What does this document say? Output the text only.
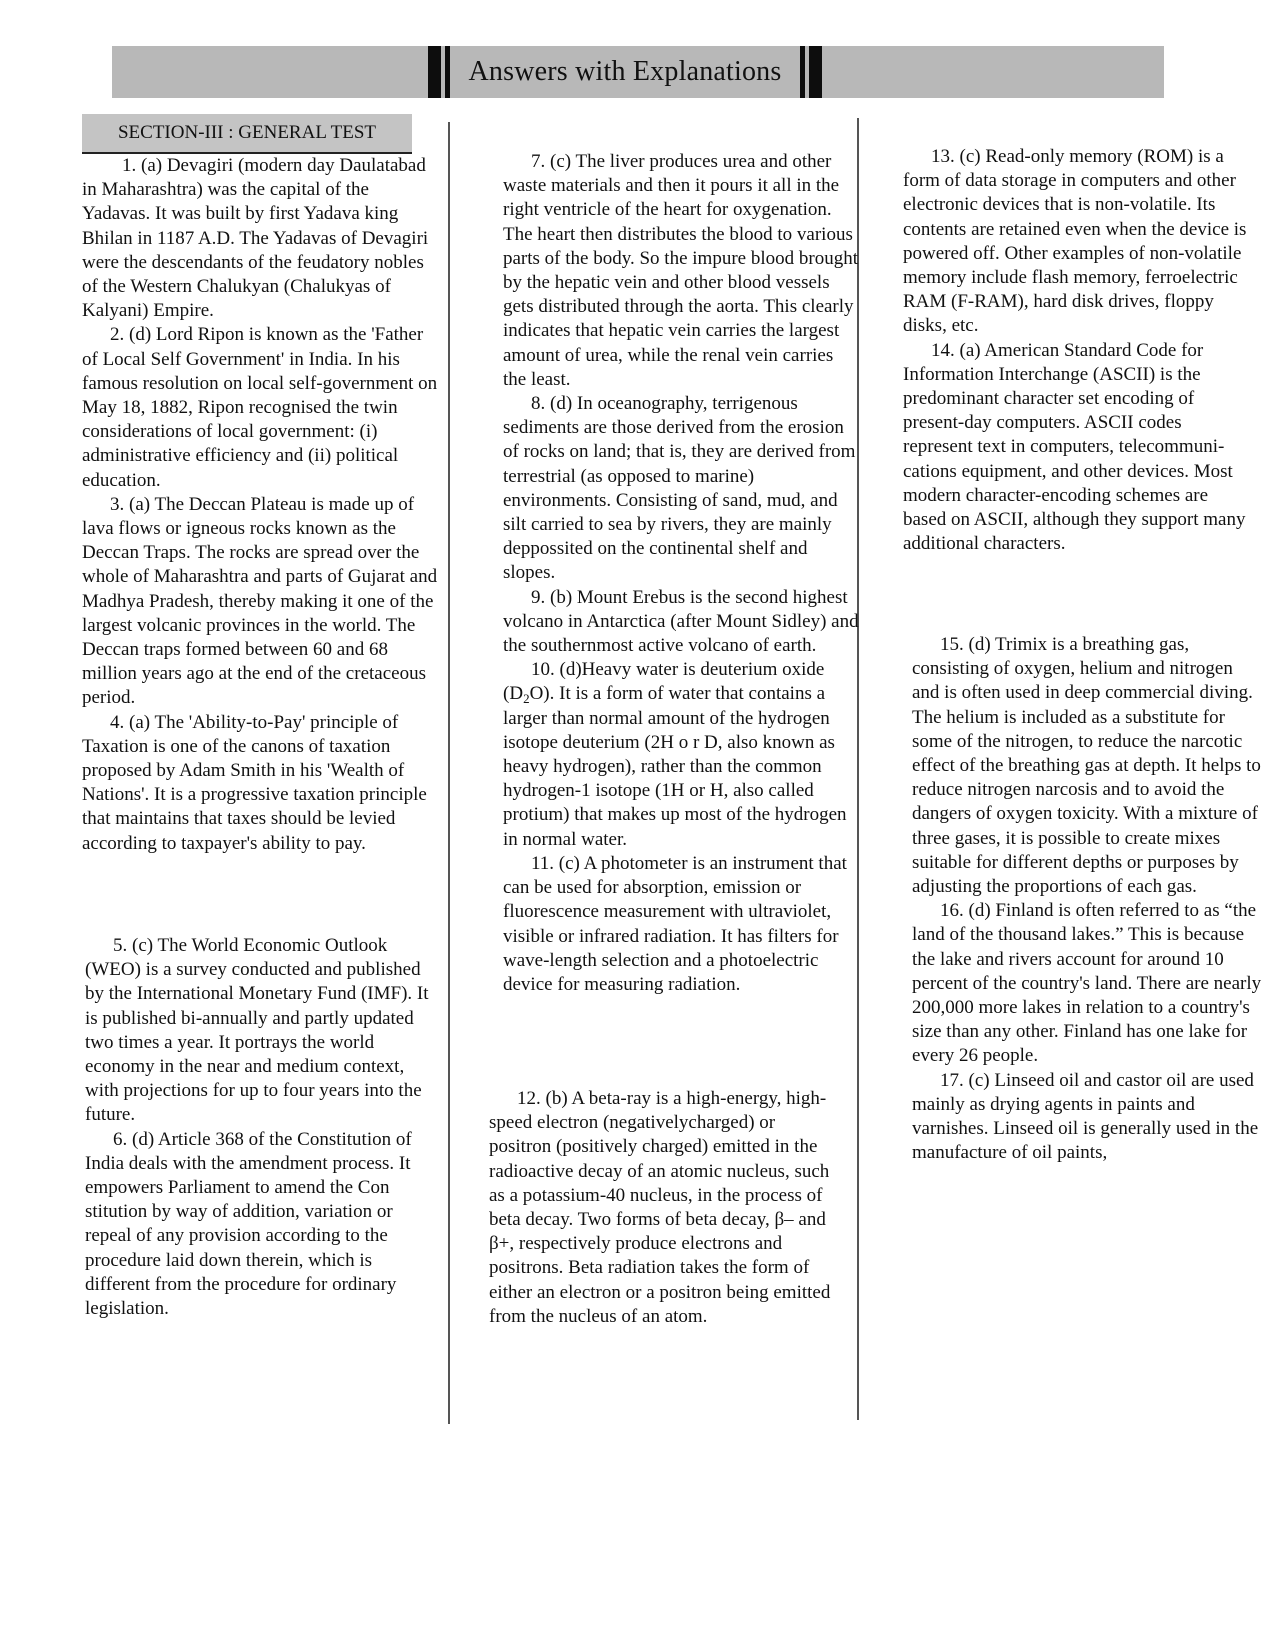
Answers with Explanations
SECTION-III : GENERAL TEST

1. (a) Devagiri (modern day Daulatabad in Maharashtra) was the capital of the Yadavas. It was built by first Yadava king Bhilan in 1187 A.D. The Yadavas of Devagiri were the descendants of the feudatory nobles of the Western Chalukyan (Chalukyas of Kalyani) Empire.

2. (d) Lord Ripon is known as the 'Father of Local Self Government' in India. In his famous resolution on local self-government on May 18, 1882, Ripon recognised the twin considerations of local government: (i) administrative efficiency and (ii) political education.

3. (a) The Deccan Plateau is made up of lava flows or igneous rocks known as the Deccan Traps. The rocks are spread over the whole of Maharashtra and parts of Gujarat and Madhya Pradesh, thereby making it one of the largest volcanic provinces in the world. The Deccan traps formed between 60 and 68 million years ago at the end of the cretaceous period.

4. (a) The 'Ability-to-Pay' principle of Taxation is one of the canons of taxation proposed by Adam Smith in his 'Wealth of Nations'. It is a progressive taxation principle that maintains that taxes should be levied according to taxpayer's ability to pay.

5. (c) The World Economic Outlook (WEO) is a survey conducted and published by the International Monetary Fund (IMF). It is published bi-annually and partly updated two times a year. It portrays the world economy in the near and medium context, with projections for up to four years into the future.

6. (d) Article 368 of the Constitution of India deals with the amendment process. It empowers Parliament to amend the Con stitution by way of addition, variation or repeal of any provision according to the procedure laid down therein, which is different from the procedure for ordinary legislation.

7. (c) The liver produces urea and other waste materials and then it pours it all in the right ventricle of the heart for oxygenation. The heart then distributes the blood to various parts of the body. So the impure blood brought by the hepatic vein and other blood vessels gets distributed through the aorta. This clearly indicates that hepatic vein carries the largest amount of urea, while the renal vein carries the least.

8. (d) In oceanography, terrigenous sediments are those derived from the erosion of rocks on land; that is, they are derived from terrestrial (as opposed to marine) environments. Consisting of sand, mud, and silt carried to sea by rivers, they are mainly deppossited on the continental shelf and slopes.

9. (b) Mount Erebus is the second highest volcano in Antarctica (after Mount Sidley) and the southernmost active volcano of earth.

10. (d)Heavy water is deuterium oxide $(D_2O)$. It is a form of water that contains a larger than normal amount of the hydrogen isotope deuterium (2H o r D, also known as heavy hydrogen), rather than the common hydrogen-1 isotope (1H or H, also called protium) that makes up most of the hydrogen in normal water.

11. (c) A photometer is an instrument that can be used for absorption, emission or fluorescence measurement with ultraviolet, visible or infrared radiation. It has filters for wave-length selection and a photoelectric device for measuring radiation.

12. (b) A beta-ray is a high-energy, high-speed electron (negativelycharged) or positron (positively charged) emitted in the radioactive decay of an atomic nucleus, such as a potassium-40 nucleus, in the process of beta decay. Two forms of beta decay, β– and β+, respectively produce electrons and positrons. Beta radiation takes the form of either an electron or a positron being emitted from the nucleus of an atom.

13. (c) Read-only memory (ROM) is a form of data storage in computers and other electronic devices that is non-volatile. Its contents are retained even when the device is powered off. Other examples of non-volatile memory include flash memory, ferroelectric RAM (F-RAM), hard disk drives, floppy disks, etc.

14. (a) American Standard Code for Information Interchange (ASCII) is the predominant character set encoding of present-day computers. ASCII codes represent text in computers, telecommuni-cations equipment, and other devices. Most modern character-encoding schemes are based on ASCII, although they support many additional characters.

15. (d) Trimix is a breathing gas, consisting of oxygen, helium and nitrogen and is often used in deep commercial diving. The helium is included as a substitute for some of the nitrogen, to reduce the narcotic effect of the breathing gas at depth. It helps to reduce nitrogen narcosis and to avoid the dangers of oxygen toxicity. With a mixture of three gases, it is possible to create mixes suitable for different depths or purposes by adjusting the proportions of each gas.

16. (d) Finland is often referred to as “the land of the thousand lakes.” This is because the lake and rivers account for around 10 percent of the country's land. There are nearly 200,000 more lakes in relation to a country's size than any other. Finland has one lake for every 26 people.

17. (c) Linseed oil and castor oil are used mainly as drying agents in paints and varnishes. Linseed oil is generally used in the manufacture of oil paints,
